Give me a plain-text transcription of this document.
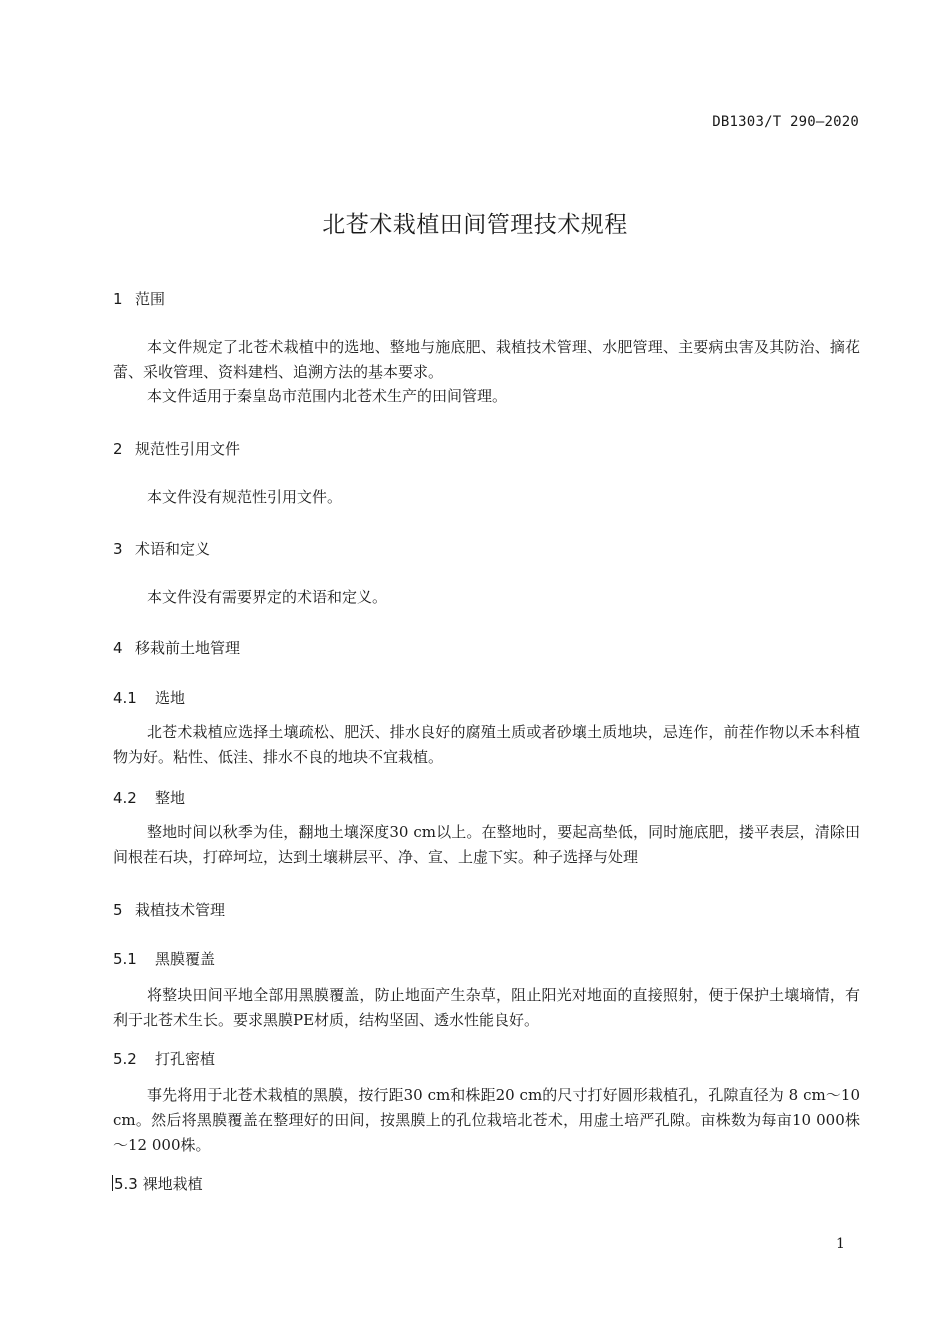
DB1303/T 290—2020
北苍术栽植田间管理技术规程
1 范围
本文件规定了北苍术栽植中的选地、整地与施底肥、栽植技术管理、水肥管理、主要病虫害及其防治、摘花蕾、采收管理、资料建档、追溯方法的基本要求。
本文件适用于秦皇岛市范围内北苍术生产的田间管理。
2 规范性引用文件
本文件没有规范性引用文件。
3 术语和定义
本文件没有需要界定的术语和定义。
4 移栽前土地管理
4.1 选地
北苍术栽植应选择土壤疏松、肥沃、排水良好的腐殖土质或者砂壤土质地块，忌连作，前茬作物以禾本科植物为好。粘性、低洼、排水不良的地块不宜栽植。
4.2 整地
整地时间以秋季为佳，翻地土壤深度30 cm以上。在整地时，要起高垫低，同时施底肥，搂平表层，清除田间根茬石块，打碎坷垃，达到土壤耕层平、净、宣、上虚下实。种子选择与处理
5 栽植技术管理
5.1 黑膜覆盖
将整块田间平地全部用黑膜覆盖，防止地面产生杂草，阻止阳光对地面的直接照射，便于保护土壤墒情，有利于北苍术生长。要求黑膜PE材质，结构坚固、透水性能良好。
5.2 打孔密植
事先将用于北苍术栽植的黑膜，按行距30 cm和株距20 cm的尺寸打好圆形栽植孔，孔隙直径为 8 cm～10 cm。然后将黑膜覆盖在整理好的田间，按黑膜上的孔位栽培北苍术，用虚土培严孔隙。亩株数为每亩10 000株～12 000株。
5.3 裸地栽植
1
